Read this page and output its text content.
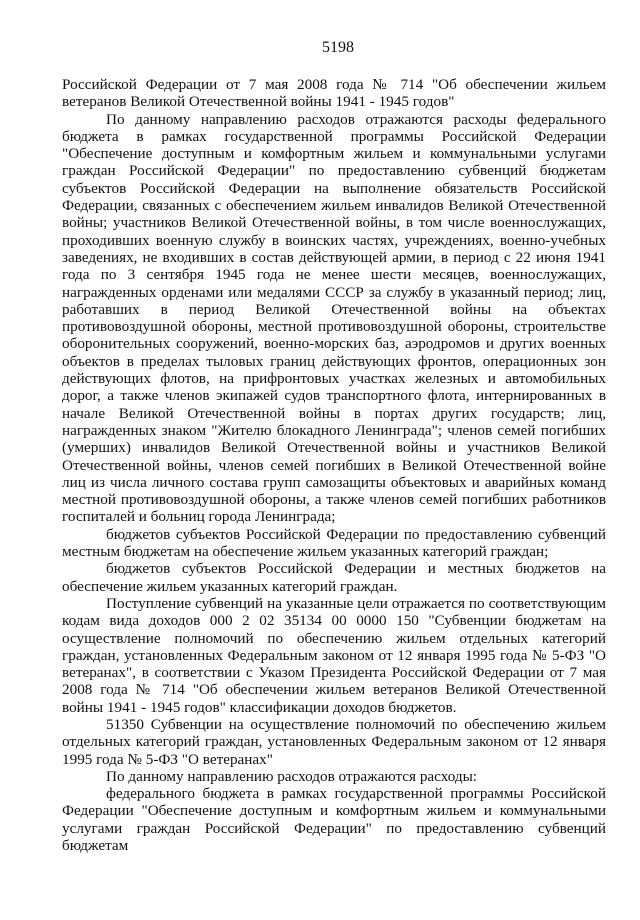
5198

Российской Федерации от 7 мая 2008 года № 714 "Об обеспечении жильем ветеранов Великой Отечественной войны 1941 - 1945 годов"

По данному направлению расходов отражаются расходы федерального бюджета в рамках государственной программы Российской Федерации "Обеспечение доступным и комфортным жильем и коммунальными услугами граждан Российской Федерации" по предоставлению субвенций бюджетам субъектов Российской Федерации на выполнение обязательств Российской Федерации, связанных с обеспечением жильем инвалидов Великой Отечественной войны; участников Великой Отечественной войны, в том числе военнослужащих, проходивших военную службу в воинских частях, учреждениях, военно-учебных заведениях, не входивших в состав действующей армии, в период с 22 июня 1941 года по 3 сентября 1945 года не менее шести месяцев, военнослужащих, награжденных орденами или медалями СССР за службу в указанный период; лиц, работавших в период Великой Отечественной войны на объектах противовоздушной обороны, местной противовоздушной обороны, строительстве оборонительных сооружений, военно-морских баз, аэродромов и других военных объектов в пределах тыловых границ действующих фронтов, операционных зон действующих флотов, на прифронтовых участках железных и автомобильных дорог, а также членов экипажей судов транспортного флота, интернированных в начале Великой Отечественной войны в портах других государств; лиц, награжденных знаком "Жителю блокадного Ленинграда"; членов семей погибших (умерших) инвалидов Великой Отечественной войны и участников Великой Отечественной войны, членов семей погибших в Великой Отечественной войне лиц из числа личного состава групп самозащиты объектовых и аварийных команд местной противовоздушной обороны, а также членов семей погибших работников госпиталей и больниц города Ленинграда;

бюджетов субъектов Российской Федерации по предоставлению субвенций местным бюджетам на обеспечение жильем указанных категорий граждан;

бюджетов субъектов Российской Федерации и местных бюджетов на обеспечение жильем указанных категорий граждан.

Поступление субвенций на указанные цели отражается по соответствующим кодам вида доходов 000 2 02 35134 00 0000 150 "Субвенции бюджетам на осуществление полномочий по обеспечению жильем отдельных категорий граждан, установленных Федеральным законом от 12 января 1995 года № 5-ФЗ "О ветеранах", в соответствии с Указом Президента Российской Федерации от 7 мая 2008 года № 714 "Об обеспечении жильем ветеранов Великой Отечественной войны 1941 - 1945 годов" классификации доходов бюджетов.

51350 Субвенции на осуществление полномочий по обеспечению жильем отдельных категорий граждан, установленных Федеральным законом от 12 января 1995 года № 5-ФЗ "О ветеранах"

По данному направлению расходов отражаются расходы:

федерального бюджета в рамках государственной программы Российской Федерации "Обеспечение доступным и комфортным жильем и коммунальными услугами граждан Российской Федерации" по предоставлению субвенций бюджетам
